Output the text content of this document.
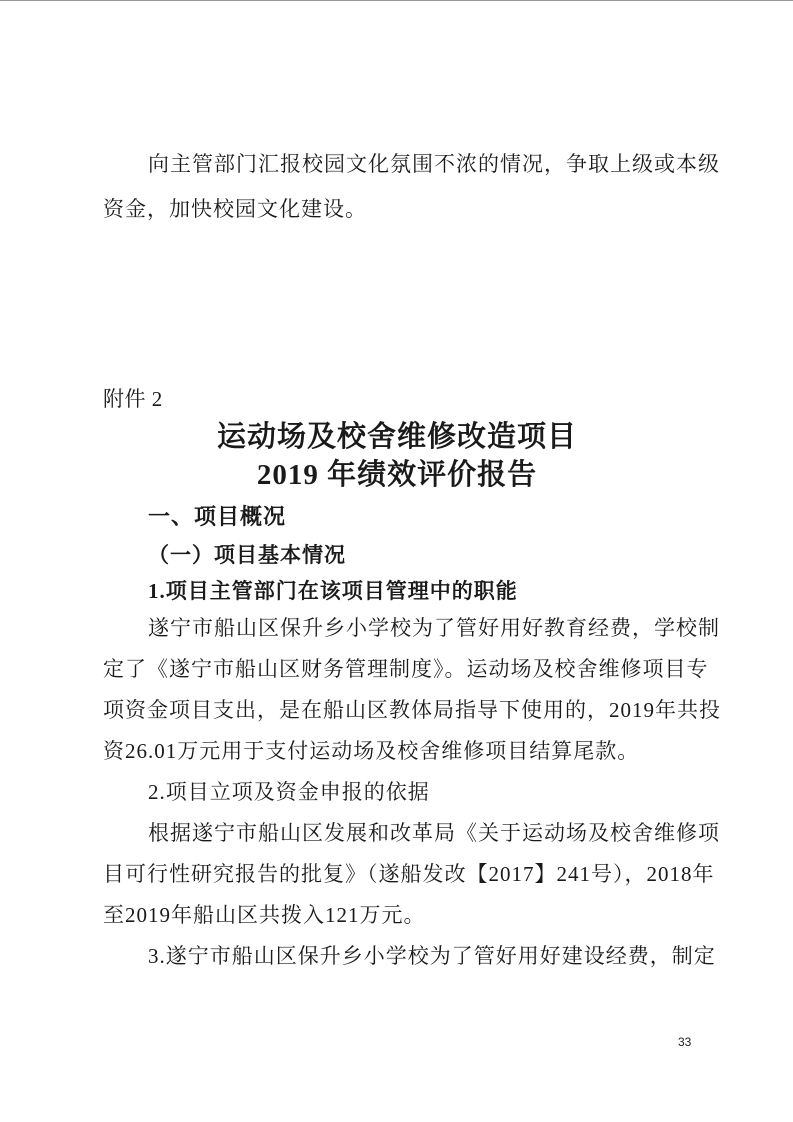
向主管部门汇报校园文化氛围不浓的情况，争取上级或本级
资金，加快校园文化建设。
附件 2
运动场及校舍维修改造项目
2019 年绩效评价报告
一、项目概况
（一）项目基本情况
1.项目主管部门在该项目管理中的职能
遂宁市船山区保升乡小学校为了管好用好教育经费，学校制
定了《遂宁市船山区财务管理制度》。运动场及校舍维修项目专
项资金项目支出，是在船山区教体局指导下使用的，2019年共投
资26.01万元用于支付运动场及校舍维修项目结算尾款。
2.项目立项及资金申报的依据
根据遂宁市船山区发展和改革局《关于运动场及校舍维修项
目可行性研究报告的批复》（遂船发改【2017】241号），2018年
至2019年船山区共拨入121万元。
3.遂宁市船山区保升乡小学校为了管好用好建设经费，制定
33
